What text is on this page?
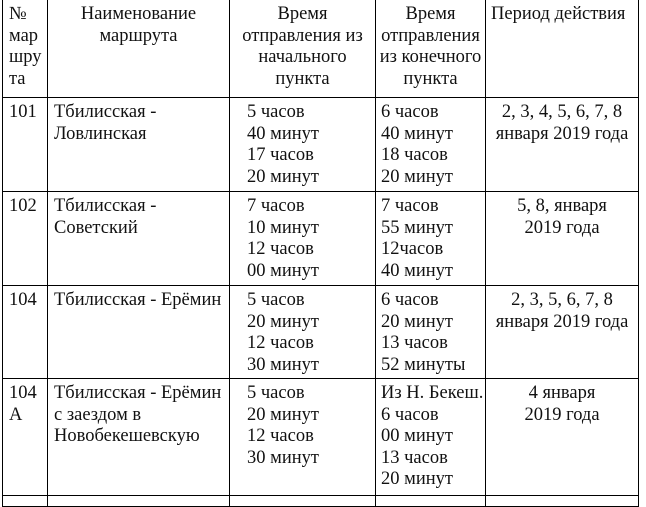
№
мар
шру
та	Наименование
маршрута	Время
отправления из
начального
пункта	Время
отправления
из конечного
пункта	Период действия

101	Тбилисская -
Ловлинская	5 часов
40 минут
17 часов
20 минут	6 часов
40 минут
18 часов
20 минут	2, 3, 4, 5, 6, 7, 8
января 2019 года

102	Тбилисская -
Советский	7 часов
10 минут
12 часов
00 минут	7 часов
55 минут
12часов
40 минут	5, 8, января
2019 года

104	Тбилисская - Ерёмин	5 часов
20 минут
12 часов
30 минут	6 часов
20 минут
13 часов
52 минуты	2, 3, 5, 6, 7, 8
января 2019 года

104
А	Тбилисская - Ерёмин
с заездом в
Новобекешевскую	5 часов
20 минут
12 часов
30 минут	Из Н. Бекеш.
6 часов
00 минут
13 часов
20 минут	4 января
2019 года
